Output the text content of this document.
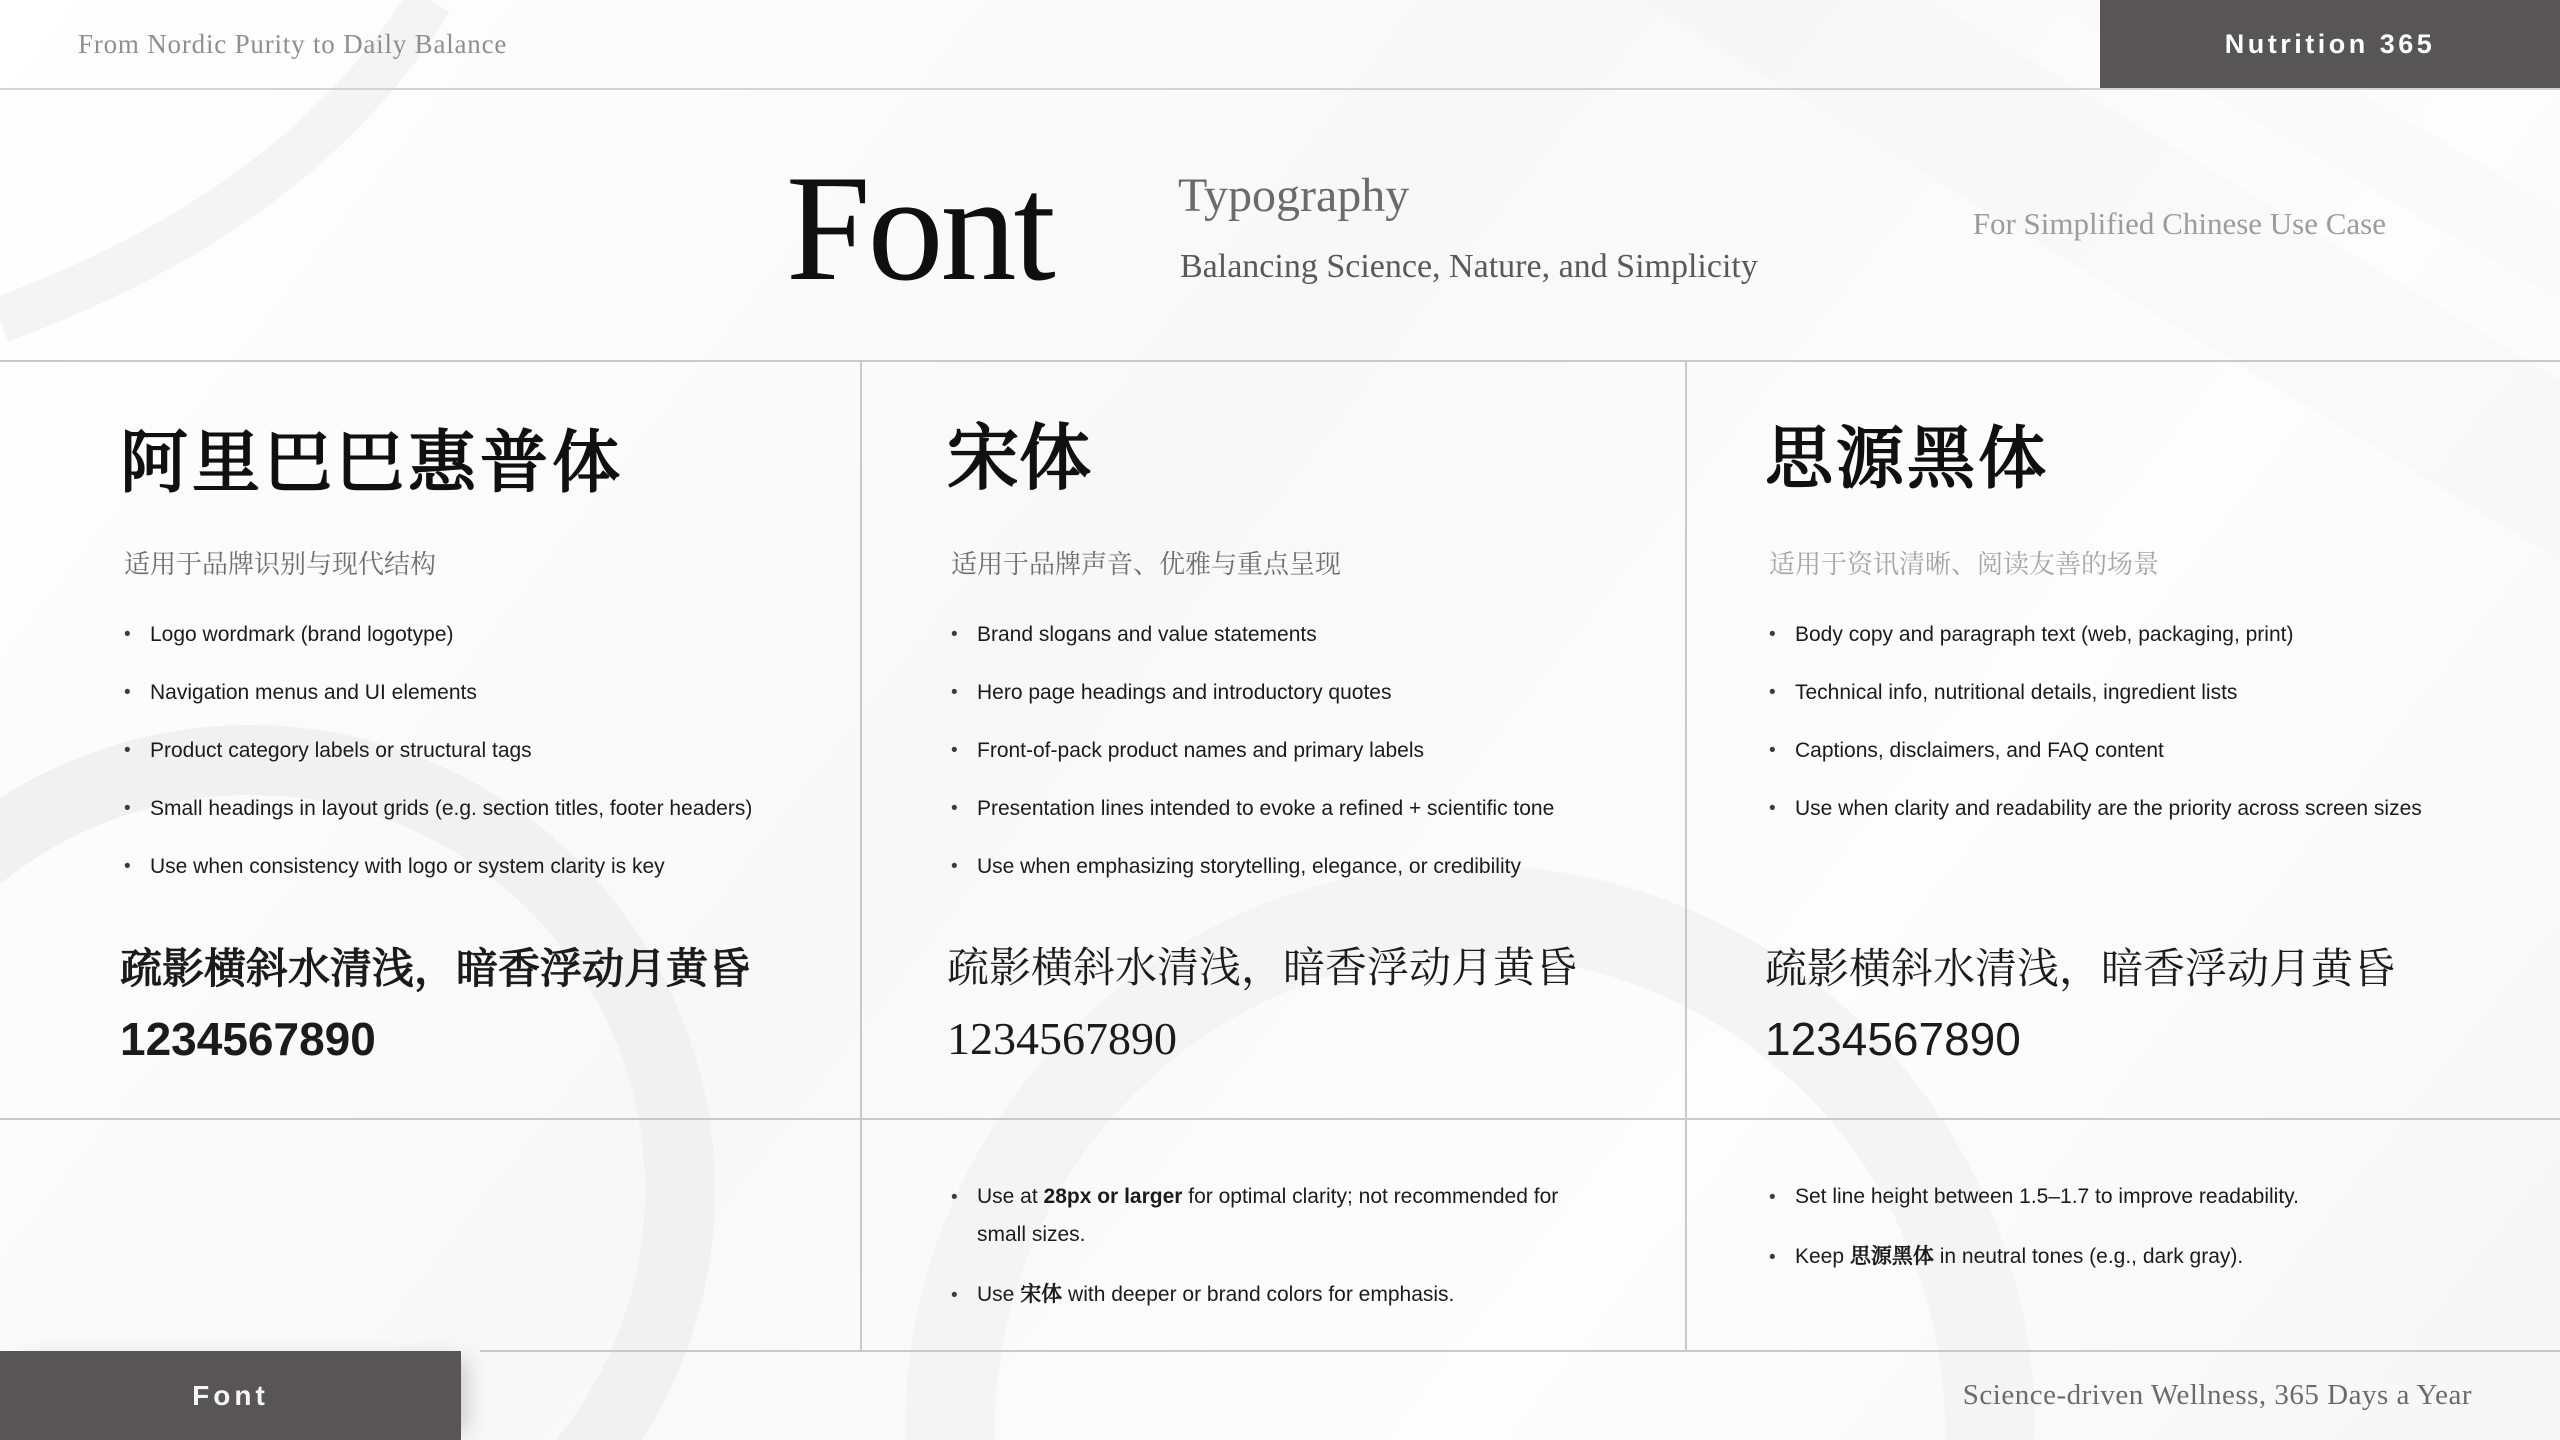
From Nordic Purity to Daily Balance	Nutrition 365
Font	Typography
Balancing Science, Nature, and Simplicity
For Simplified Chinese Use Case
阿里巴巴惠普体
适用于品牌识别与现代结构
• Logo wordmark (brand logotype)
• Navigation menus and UI elements
• Product category labels or structural tags
• Small headings in layout grids (e.g. section titles, footer headers)
• Use when consistency with logo or system clarity is key
疏影横斜水清浅，暗香浮动月黄昏
1234567890
宋体
适用于品牌声音、优雅与重点呈现
• Brand slogans and value statements
• Hero page headings and introductory quotes
• Front-of-pack product names and primary labels
• Presentation lines intended to evoke a refined + scientific tone
• Use when emphasizing storytelling, elegance, or credibility
疏影横斜水清浅，暗香浮动月黄昏
1234567890
• Use at 28px or larger for optimal clarity; not recommended for small sizes.
• Use 宋体 with deeper or brand colors for emphasis.
思源黑体
适用于资讯清晰、阅读友善的场景
• Body copy and paragraph text (web, packaging, print)
• Technical info, nutritional details, ingredient lists
• Captions, disclaimers, and FAQ content
• Use when clarity and readability are the priority across screen sizes
疏影横斜水清浅，暗香浮动月黄昏
1234567890
• Set line height between 1.5–1.7 to improve readability.
• Keep 思源黑体 in neutral tones (e.g., dark gray).
Font	Science-driven Wellness, 365 Days a Year
